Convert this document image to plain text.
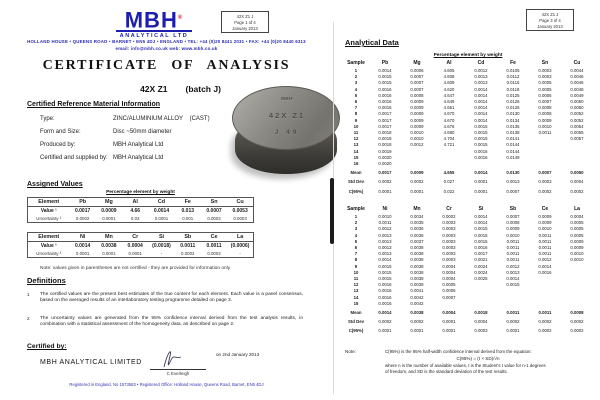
MBH®
ANALYTICAL LTD
42X Z1 J
Page 1 of 4
January 2013
HOLLAND HOUSE • QUEENS ROAD • BARNET • EN5 4DJ • ENGLAND • TEL: +44 (0)20 8441 2031 • FAX: +44 (0)20 8440 6313
email: info@mbh.co.uk web: www.mbh.co.uk
CERTIFICATE OF ANALYSIS
42X Z1 (batch J)
Certified Reference Material Information
Type:	ZINC/ALUMINIUM ALLOY    (CAST)
Form and Size:	Disc ~50mm diameter
Produced by:	MBH Analytical Ltd
Certified and supplied by: MBH Analytical Ltd
MBH
42X Z1
J 49
Assigned Values
Percentage element by weight
Element	Pb	Mg	Al	Cd	Fe	Sn	Cu
Value ¹	0.0017	0.0009	4.66	0.0014	0.013	0.0007	0.0053
Uncertainty ²	0.0002	0.0001	0.03	0.0001	0.001	0.0002	0.0003
Element	Ni	Mn	Cr	Si	Sb	Ce	La
Value ¹	0.0014	0.0038	0.0004	(0.0018)	0.0011	0.0011	(0.0006)
Uncertainty ²	0.0001	0.0001	0.0001	-	0.0002	0.0002	-
Note: values given in parentheses are not certified - they are provided for information only
Definitions
1 The certified values are the present best estimates of the true content for each element. Each value is a panel consensus, based on the averaged results of an interlaboratory testing programme detailed on page 3.
2 The uncertainty values are generated from the 95% confidence interval derived from the test analysis results, in combination with a statistical assessment of the homogeneity data, as described on page 2.
Certified by:
MBH ANALYTICAL LIMITED
C Everleigh
on 2nd January 2013
Registered in England, No 1573583 • Registered Office: Holland House, Queens Road, Barnet, EN5 4DJ
42X Z1 J
Page 3 of 4
January 2013
Analytical Data
Percentage element by weight
Sample	Pb	Mg	Al	Cd	Fe	Sn	Cu
1	0.0014	0.0006	4.605	0.0012	0.0105	0.0003	0.0044
2	0.0015	0.0007	4.608	0.0013	0.0112	0.0003	0.0046
3	0.0015	0.0007	4.609	0.0013	0.0116	0.0005	0.0046
4	0.0016	0.0007	4.620	0.0014	0.0118	0.0005	0.0048
5	0.0016	0.0008	4.647	0.0014	0.0125	0.0006	0.0049
6	0.0016	0.0009	4.649	0.0014	0.0126	0.0007	0.0050
7	0.0016	0.0009	4.651	0.0014	0.0126	0.0008	0.0050
8	0.0017	0.0009	4.670	0.0014	0.0130	0.0008	0.0052
9	0.0017	0.0009	4.670	0.0014	0.0134	0.0009	0.0052
10	0.0017	0.0009	4.676	0.0015	0.0135	0.0010	0.0054
11	0.0018	0.0010	4.680	0.0015	0.0138	0.0011	0.0055
12	0.0018	0.0010	4.704	0.0015	0.0141		0.0057
13	0.0018	0.0012	4.721	0.0015	0.0144		
14	0.0019			0.0016	0.0144		
15	0.0020			0.0016	0.0149		
16	0.0020						
Mean	0.0017	0.0009	4.655	0.0014	0.0130	0.0007	0.0050
Std Dev	0.0002	0.0002	0.027	0.0001	0.0013	0.0003	0.0004
C(95%)	0.0001	0.0001	0.022	0.0001	0.0007	0.0002	0.0002
Sample	Ni	Mn	Cr	Si	Sb	Ce	La
1	0.0010	0.0034	0.0002	0.0014	0.0007	0.0009	0.0004
2	0.0011	0.0035	0.0003	0.0014	0.0008	0.0009	0.0005
3	0.0012	0.0036	0.0003	0.0015	0.0009	0.0010	0.0005
4	0.0013	0.0036	0.0003	0.0015	0.0010	0.0011	0.0005
5	0.0013	0.0037	0.0003	0.0015	0.0011	0.0011	0.0009
6	0.0013	0.0038	0.0003	0.0016	0.0011	0.0011	0.0009
7	0.0013	0.0038	0.0003	0.0017	0.0011	0.0011	0.0010
8	0.0014	0.0038	0.0003	0.0021	0.0011	0.0012	0.0010
9	0.0015	0.0038	0.0004	0.0024	0.0012	0.0014	
10	0.0015	0.0038	0.0004	0.0024	0.0013	0.0016	
11	0.0015	0.0038	0.0004	0.0025	0.0014		
12	0.0016	0.0039	0.0005		0.0015		
13	0.0016	0.0041	0.0006				
14	0.0016	0.0042	0.0007				
15	0.0016	0.0042					
Mean	0.0014	0.0038	0.0004	0.0018	0.0011	0.0011	0.0008
Std Dev	0.0002	0.0002	0.0001	0.0004	0.0002	0.0002	0.0002
C(95%)	0.0001	0.0001	0.0001	0.0003	0.0001	0.0002	0.0002
Note:	C(95%) is the 95% half-width confidence interval derived from the equation:
C(95%) = (t × SD)/√n
where n is the number of available values, t is the Student's t value for n-1 degrees
of freedom, and SD is the standard deviation of the test results.
